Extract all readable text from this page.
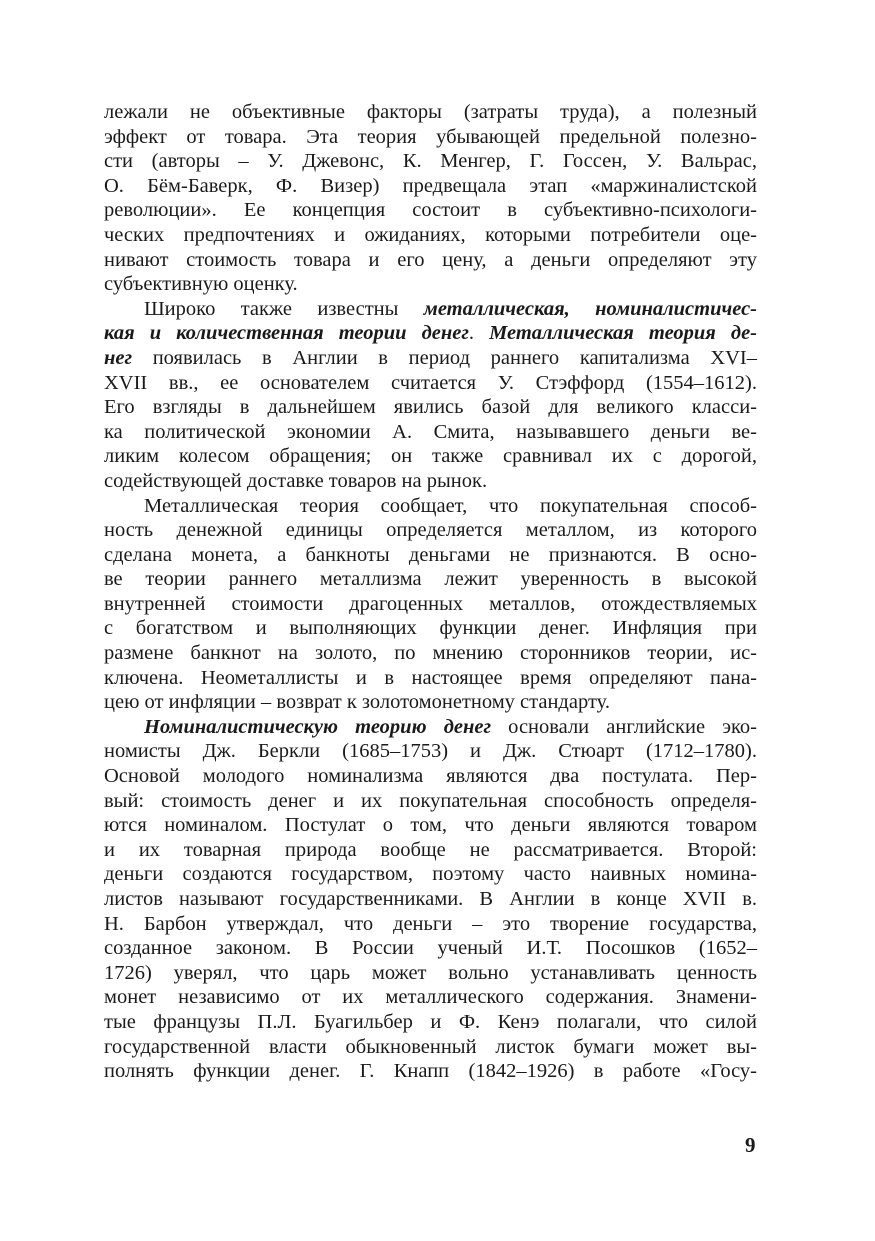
лежали не объективные факторы (затраты труда), а полезный
эффект от товара. Эта теория убывающей предельной полезно-
сти (авторы – У. Джевонс, К. Менгер, Г. Госсен, У. Вальрас,
О. Бём-Баверк, Ф. Визер) предвещала этап «маржиналистской
революции». Ее концепция состоит в субъективно-психологи-
ческих предпочтениях и ожиданиях, которыми потребители оце-
нивают стоимость товара и его цену, а деньги определяют эту
субъективную оценку.
Широко также известны металлическая, номиналистичес-
кая и количественная теории денег. Металлическая теория де-
нег появилась в Англии в период раннего капитализма XVI–
XVII вв., ее основателем считается У. Стэффорд (1554–1612).
Его взгляды в дальнейшем явились базой для великого класси-
ка политической экономии А. Смита, называвшего деньги ве-
ликим колесом обращения; он также сравнивал их с дорогой,
содействующей доставке товаров на рынок.
Металлическая теория сообщает, что покупательная способ-
ность денежной единицы определяется металлом, из которого
сделана монета, а банкноты деньгами не признаются. В осно-
ве теории раннего металлизма лежит уверенность в высокой
внутренней стоимости драгоценных металлов, отождествляемых
с богатством и выполняющих функции денег. Инфляция при
размене банкнот на золото, по мнению сторонников теории, ис-
ключена. Неометаллисты и в настоящее время определяют пана-
цею от инфляции – возврат к золотомонетному стандарту.
Номиналистическую теорию денег основали английские эко-
номисты Дж. Беркли (1685–1753) и Дж. Стюарт (1712–1780).
Основой молодого номинализма являются два постулата. Пер-
вый: стоимость денег и их покупательная способность определя-
ются номиналом. Постулат о том, что деньги являются товаром
и их товарная природа вообще не рассматривается. Второй:
деньги создаются государством, поэтому часто наивных номина-
листов называют государственниками. В Англии в конце XVII в.
Н. Барбон утверждал, что деньги – это творение государства,
созданное законом. В России ученый И.Т. Посошков (1652–
1726) уверял, что царь может вольно устанавливать ценность
монет независимо от их металлического содержания. Знамени-
тые французы П.Л. Буагильбер и Ф. Кенэ полагали, что силой
государственной власти обыкновенный листок бумаги может вы-
полнять функции денег. Г. Кнапп (1842–1926) в работе «Госу-
9
